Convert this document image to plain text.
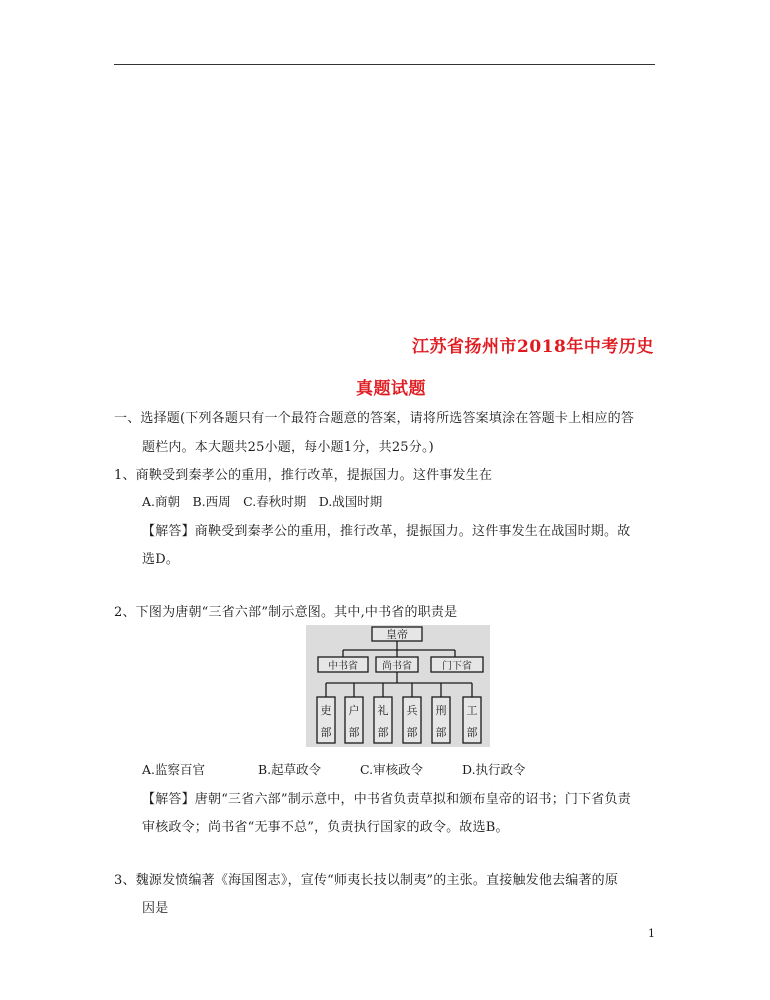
江苏省扬州市2018年中考历史
真题试题
一、选择题(下列各题只有一个最符合题意的答案，请将所选答案填涂在答题卡上相应的答
题栏内。本大题共25小题，每小题1分，共25分。)
1、商鞅受到秦孝公的重用，推行改革，提振国力。这件事发生在
A.商朝　B.西周　C.春秋时期　D.战国时期
【解答】商鞅受到秦孝公的重用，推行改革，提振国力。这件事发生在战国时期。故
选D。
2、下图为唐朝“三省六部”制示意图。其中,中书省的职责是
皇帝
中书省 尚书省	门下省
吏
部
户
部
礼
部
兵
部
刑
部
工
部
A.监察百官	B.起草政令	C.审核政令	D.执行政令
【解答】唐朝“三省六部”制示意中，中书省负责草拟和颁布皇帝的诏书；门下省负责
审核政令；尚书省“无事不总”，负责执行国家的政令。故选B。
3、魏源发愤编著《海国图志》，宣传“师夷长技以制夷”的主张。直接触发他去编著的原
因是
1
